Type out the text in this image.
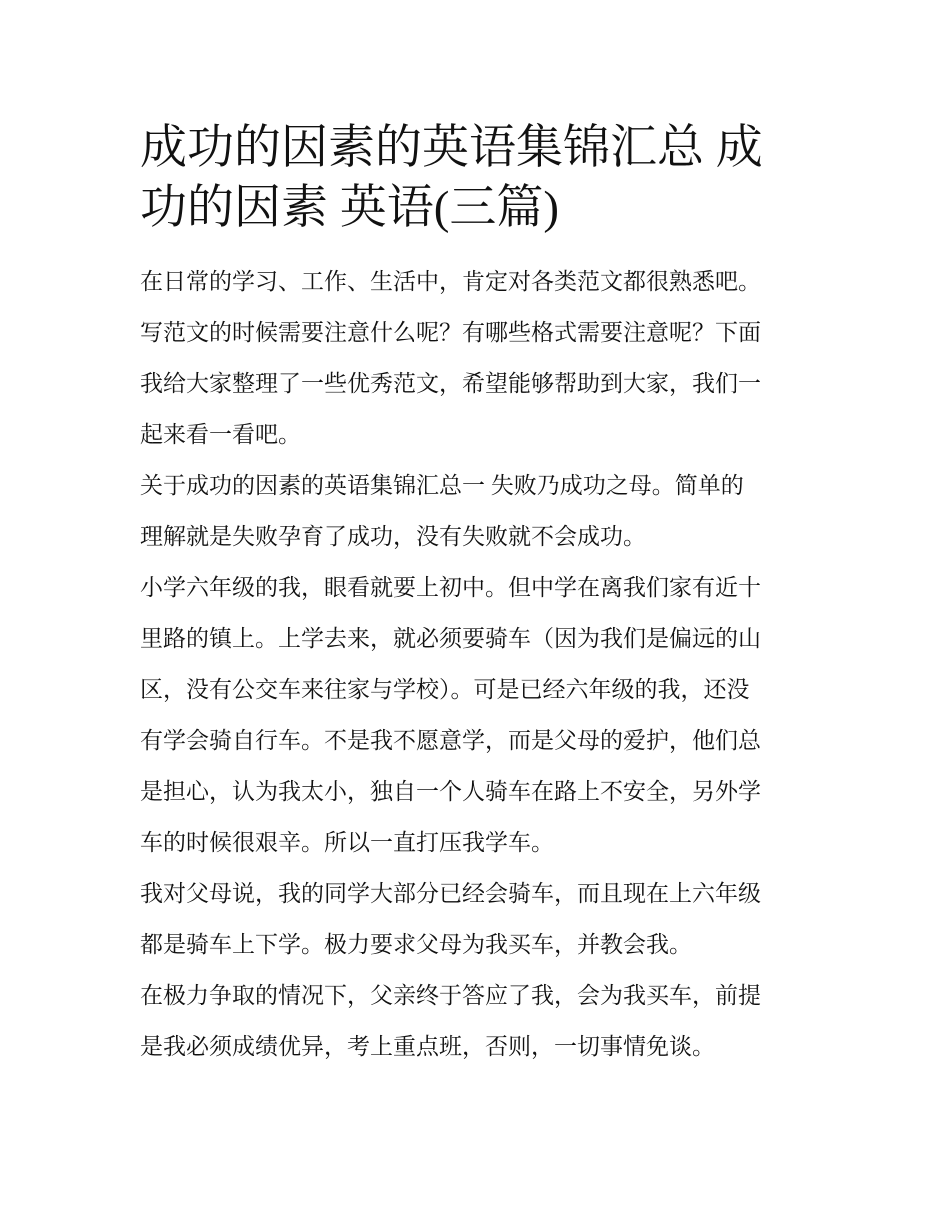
成功的因素的英语集锦汇总 成
功的因素 英语(三篇)
在日常的学习、工作、生活中，肯定对各类范文都很熟悉吧。
写范文的时候需要注意什么呢？有哪些格式需要注意呢？下面
我给大家整理了一些优秀范文，希望能够帮助到大家，我们一
起来看一看吧。
关于成功的因素的英语集锦汇总一 失败乃成功之母。简单的
理解就是失败孕育了成功，没有失败就不会成功。
小学六年级的我，眼看就要上初中。但中学在离我们家有近十
里路的镇上。上学去来，就必须要骑车（因为我们是偏远的山
区，没有公交车来往家与学校）。可是已经六年级的我，还没
有学会骑自行车。不是我不愿意学，而是父母的爱护，他们总
是担心，认为我太小，独自一个人骑车在路上不安全，另外学
车的时候很艰辛。所以一直打压我学车。
我对父母说，我的同学大部分已经会骑车，而且现在上六年级
都是骑车上下学。极力要求父母为我买车，并教会我。
在极力争取的情况下，父亲终于答应了我，会为我买车，前提
是我必须成绩优异，考上重点班，否则，一切事情免谈。
